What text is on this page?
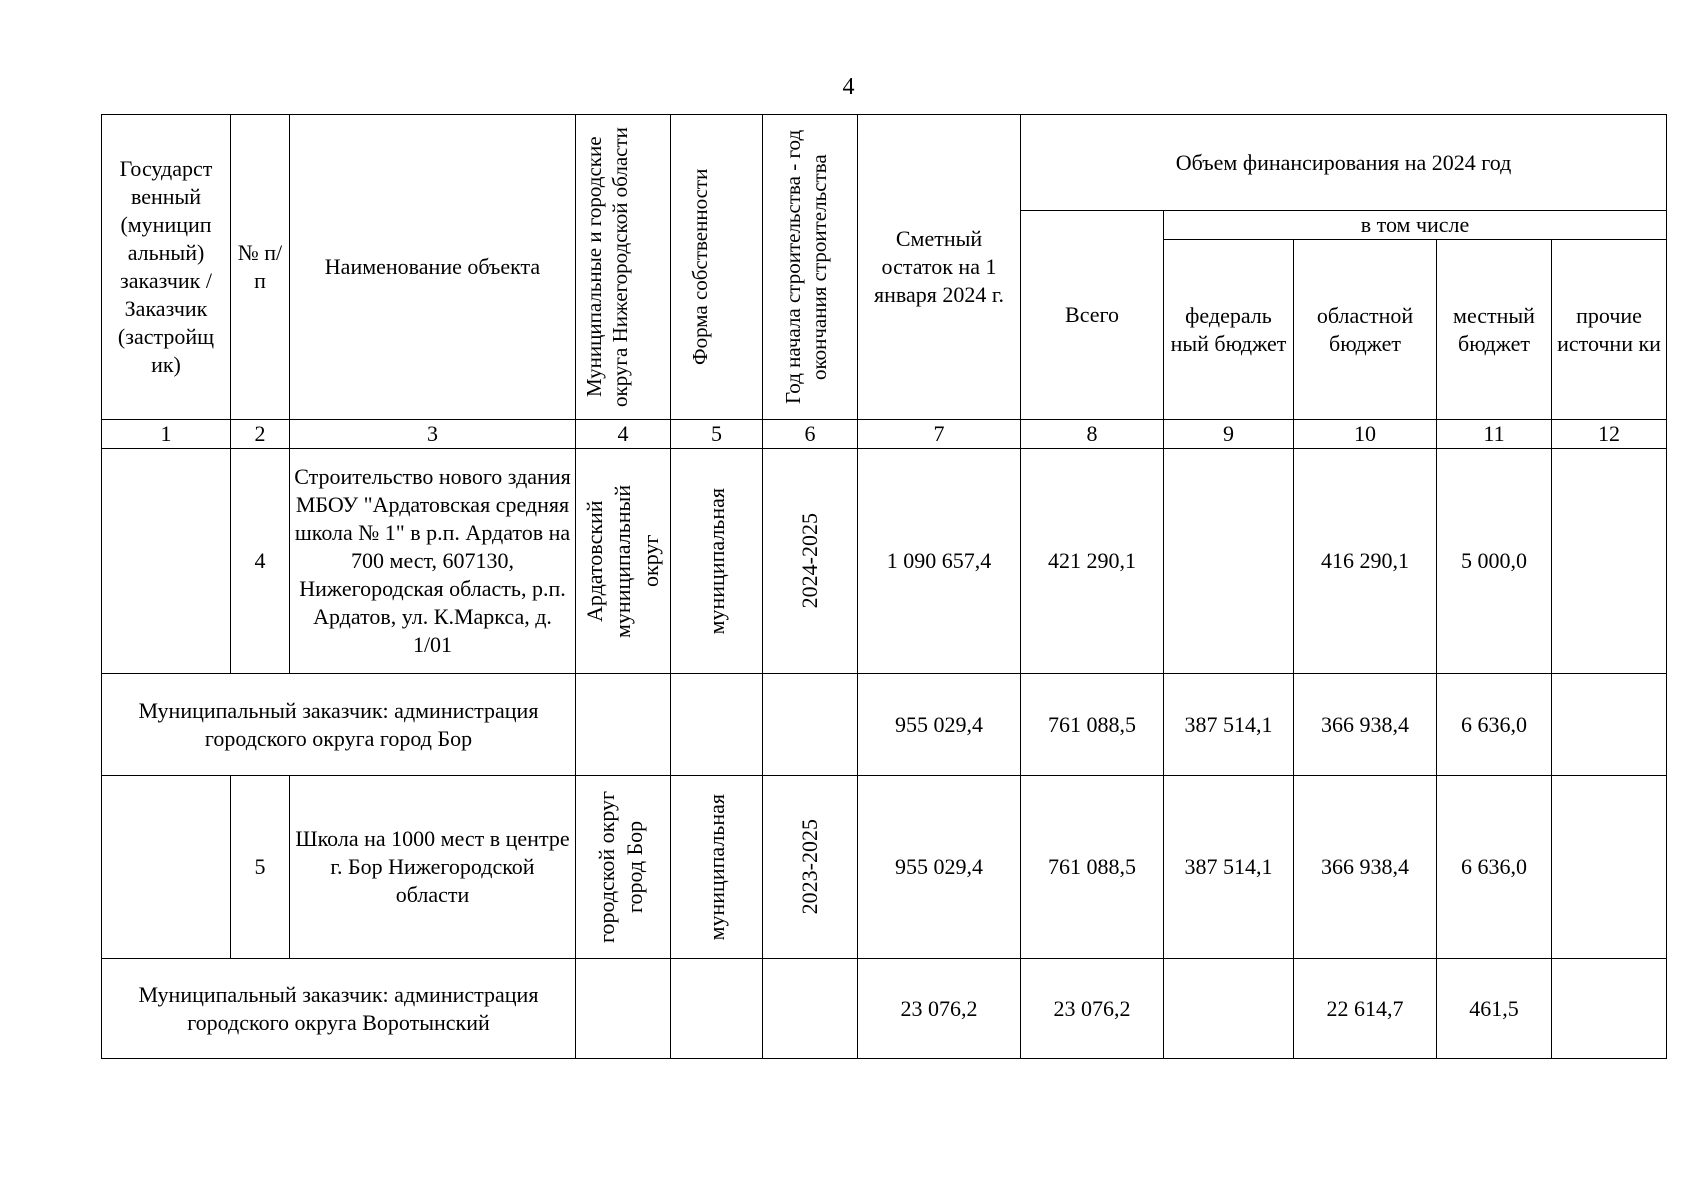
4
Государст венный (муницип альный) заказчик / Заказчик (застройщ ик)	№ п/п	Наименование объекта	Муниципальные и городские округа Нижегородской области	Форма собственности	Год начала строительства - год окончания строительства	Сметный остаток на 1 января 2024 г.	Объем финансирования на 2024 год				
							Всего	в том числе			
								федераль ный бюджет	областной бюджет	местный бюджет	прочие источни ки
1	2	3	4	5	6	7	8	9	10	11	12
	4	Строительство нового здания МБОУ "Ардатовская средняя школа № 1" в р.п. Ардатов на 700 мест, 607130, Нижегородская область, р.п. Ардатов, ул. К.Маркса, д. 1/01	Ардатовский муниципальный округ	муниципальная	2024-2025	1 090 657,4	421 290,1		416 290,1	5 000,0	
Муниципальный заказчик: администрация городского округа город Бор						955 029,4	761 088,5	387 514,1	366 938,4	6 636,0	
	5	Школа на 1000 мест в центре г. Бор Нижегородской области	городской округ город Бор	муниципальная	2023-2025	955 029,4	761 088,5	387 514,1	366 938,4	6 636,0	
Муниципальный заказчик: администрация городского округа Воротынский						23 076,2	23 076,2		22 614,7	461,5	
